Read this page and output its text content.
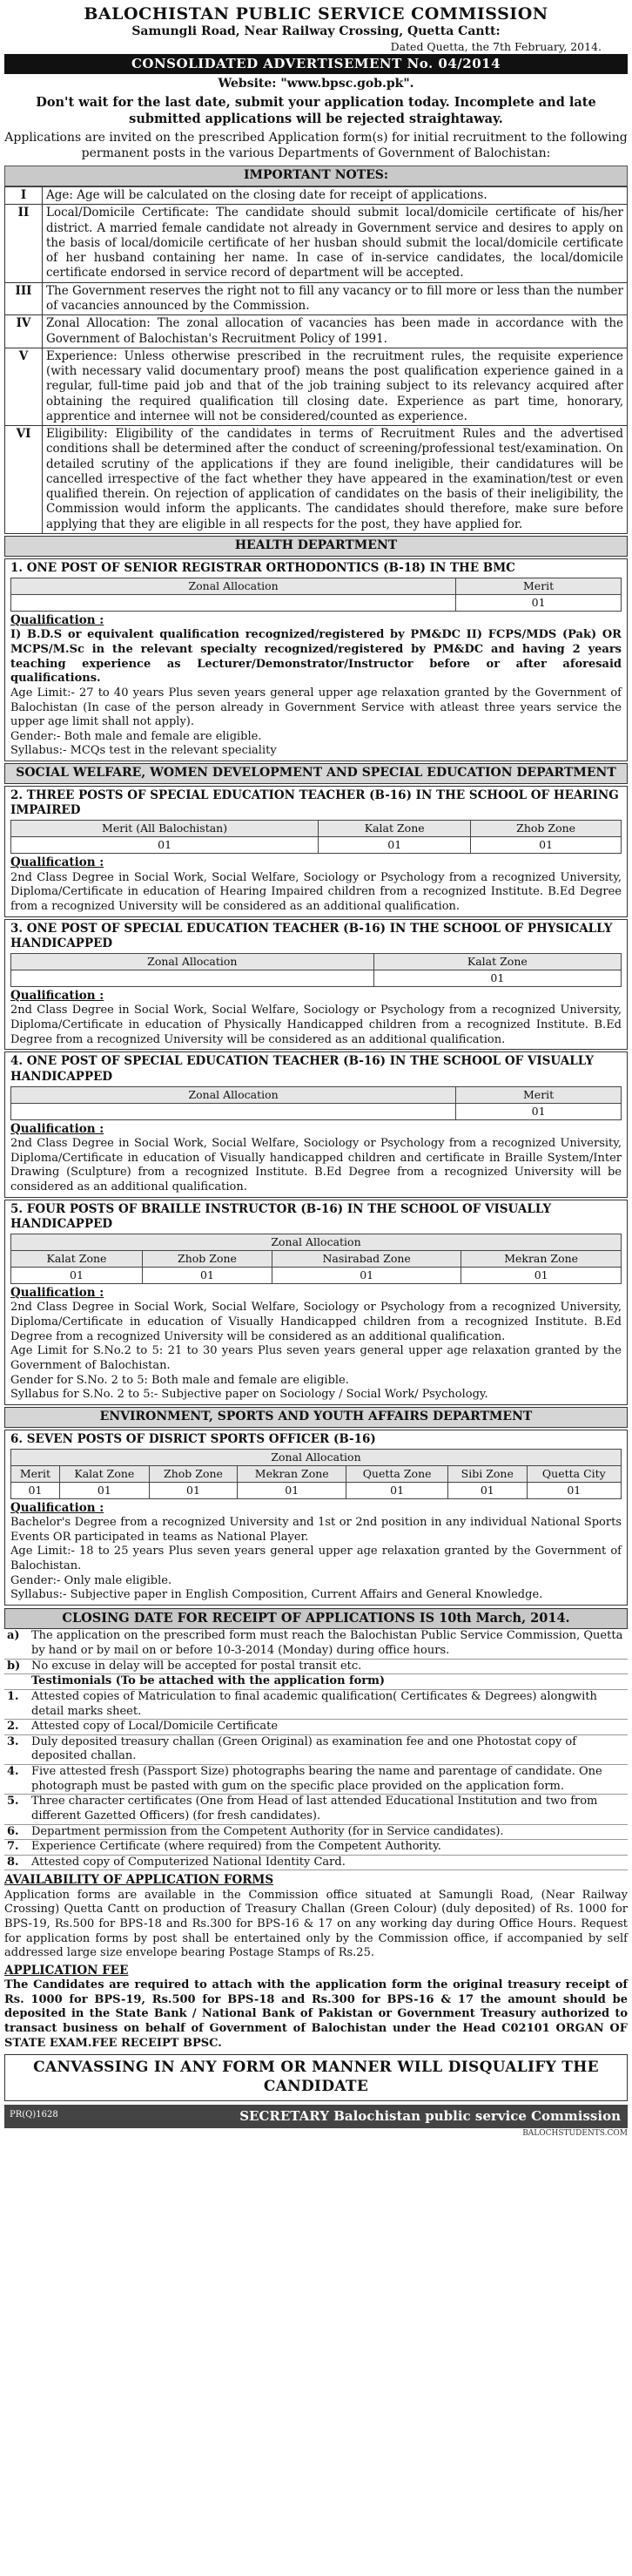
BALOCHISTAN PUBLIC SERVICE COMMISSION
Samungli Road, Near Railway Crossing, Quetta Cantt:
Dated Quetta, the 7th February, 2014.
CONSOLIDATED ADVERTISEMENT No. 04/2014
Website: "www.bpsc.gob.pk".
Don't wait for the last date, submit your application today. Incomplete and late submitted applications will be rejected straightaway.
Applications are invited on the prescribed Application form(s) for initial recruitment to the following permanent posts in the various Departments of Government of Balochistan:
IMPORTANT NOTES:
I	Age: Age will be calculated on the closing date for receipt of applications.
II	Local/Domicile Certificate: The candidate should submit local/domicile certificate of his/her district. A married female candidate not already in Government service and desires to apply on the basis of local/domicile certificate of her husban should submit the local/domicile certificate of her husband containing her name. In case of in-service candidates, the local/domicile certificate endorsed in service record of department will be accepted.
III	The Government reserves the right not to fill any vacancy or to fill more or less than the number of vacancies announced by the Commission.
IV	Zonal Allocation: The zonal allocation of vacancies has been made in accordance with the Government of Balochistan's Recruitment Policy of 1991.
V	Experience: Unless otherwise prescribed in the recruitment rules, the requisite experience (with necessary valid documentary proof) means the post qualification experience gained in a regular, full-time paid job and that of the job training subject to its relevancy acquired after obtaining the required qualification till closing date. Experience as part time, honorary, apprentice and internee will not be considered/counted as experience.
VI	Eligibility: Eligibility of the candidates in terms of Recruitment Rules and the advertised conditions shall be determined after the conduct of screening/professional test/examination. On detailed scrutiny of the applications if they are found ineligible, their candidatures will be cancelled irrespective of the fact whether they have appeared in the examination/test or even qualified therein. On rejection of application of candidates on the basis of their ineligibility, the Commission would inform the applicants. The candidates should therefore, make sure before applying that they are eligible in all respects for the post, they have applied for.
HEALTH DEPARTMENT
1. ONE POST OF SENIOR REGISTRAR ORTHODONTICS (B-18) IN THE BMC
Zonal Allocation	Merit
	01
Qualification :
I) B.D.S or equivalent qualification recognized/registered by PM&DC II) FCPS/MDS (Pak) OR MCPS/M.Sc in the relevant specialty recognized/registered by PM&DC and having 2 years teaching experience as Lecturer/Demonstrator/Instructor before or after aforesaid qualifications.
Age Limit:- 27 to 40 years Plus seven years general upper age relaxation granted by the Government of Balochistan (In case of the person already in Government Service with atleast three years service the upper age limit shall not apply).
Gender:- Both male and female are eligible.
Syllabus:- MCQs test in the relevant speciality
SOCIAL WELFARE, WOMEN DEVELOPMENT AND SPECIAL EDUCATION DEPARTMENT
2. THREE POSTS OF SPECIAL EDUCATION TEACHER (B-16) IN THE SCHOOL OF HEARING IMPAIRED
Merit (All Balochistan)	Kalat Zone	Zhob Zone
01	01	01
Qualification :
2nd Class Degree in Social Work, Social Welfare, Sociology or Psychology from a recognized University, Diploma/Certificate in education of Hearing Impaired children from a recognized Institute. B.Ed Degree from a recognized University will be considered as an additional qualification.
3. ONE POST OF SPECIAL EDUCATION TEACHER (B-16) IN THE SCHOOL OF PHYSICALLY HANDICAPPED
Zonal Allocation	Kalat Zone
	01
Qualification :
2nd Class Degree in Social Work, Social Welfare, Sociology or Psychology from a recognized University, Diploma/Certificate in education of Physically Handicapped children from a recognized Institute. B.Ed Degree from a recognized University will be considered as an additional qualification.
4. ONE POST OF SPECIAL EDUCATION TEACHER (B-16) IN THE SCHOOL OF VISUALLY HANDICAPPED
Zonal Allocation	Merit
	01
Qualification :
2nd Class Degree in Social Work, Social Welfare, Sociology or Psychology from a recognized University, Diploma/Certificate in education of Visually handicapped children and certificate in Braille System/Inter Drawing (Sculpture) from a recognized Institute. B.Ed Degree from a recognized University will be considered as an additional qualification.
5. FOUR POSTS OF BRAILLE INSTRUCTOR (B-16) IN THE SCHOOL OF VISUALLY HANDICAPPED
Zonal Allocation			
Kalat Zone	Zhob Zone	Nasirabad Zone	Mekran Zone
01	01	01	01
Qualification :
2nd Class Degree in Social Work, Social Welfare, Sociology or Psychology from a recognized University, Diploma/Certificate in education of Visually Handicapped children from a recognized Institute. B.Ed Degree from a recognized University will be considered as an additional qualification.
Age Limit for S.No.2 to 5: 21 to 30 years Plus seven years general upper age relaxation granted by the Government of Balochistan.
Gender for S.No. 2 to 5: Both male and female are eligible.
Syllabus for S.No. 2 to 5:- Subjective paper on Sociology / Social Work/ Psychology.
ENVIRONMENT, SPORTS AND YOUTH AFFAIRS DEPARTMENT
6. SEVEN POSTS OF DISRICT SPORTS OFFICER (B-16)
Zonal Allocation						
Merit	Kalat Zone	Zhob Zone	Mekran Zone	Quetta Zone	Sibi Zone	Quetta City
01	01	01	01	01	01	01
Qualification :
Bachelor's Degree from a recognized University and 1st or 2nd position in any individual National Sports Events OR participated in teams as National Player.
Age Limit:- 18 to 25 years Plus seven years general upper age relaxation granted by the Government of Balochistan.
Gender:- Only male eligible.
Syllabus:- Subjective paper in English Composition, Current Affairs and General Knowledge.
CLOSING DATE FOR RECEIPT OF APPLICATIONS IS 10th March, 2014.
a)	The application on the prescribed form must reach the Balochistan Public Service Commission, Quetta by hand or by mail on or before 10-3-2014 (Monday) during office hours.
b)	No excuse in delay will be accepted for postal transit etc.
	Testimonials (To be attached with the application form)
1.	Attested copies of Matriculation to final academic qualification( Certificates & Degrees) alongwith detail marks sheet.
2.	Attested copy of Local/Domicile Certificate
3.	Duly deposited treasury challan (Green Original) as examination fee and one Photostat copy of deposited challan.
4.	Five attested fresh (Passport Size) photographs bearing the name and parentage of candidate. One photograph must be pasted with gum on the specific place provided on the application form.
5.	Three character certificates (One from Head of last attended Educational Institution and two from different Gazetted Officers) (for fresh candidates).
6.	Department permission from the Competent Authority (for in Service candidates).
7.	Experience Certificate (where required) from the Competent Authority.
8.	Attested copy of Computerized National Identity Card.
AVAILABILITY OF APPLICATION FORMS
Application forms are available in the Commission office situated at Samungli Road, (Near Railway Crossing) Quetta Cantt on production of Treasury Challan (Green Colour) (duly deposited) of Rs. 1000 for BPS-19, Rs.500 for BPS-18 and Rs.300 for BPS-16 & 17 on any working day during Office Hours. Request for application forms by post shall be entertained only by the Commission office, if accompanied by self addressed large size envelope bearing Postage Stamps of Rs.25.
APPLICATION FEE
The Candidates are required to attach with the application form the original treasury receipt of Rs. 1000 for BPS-19, Rs.500 for BPS-18 and Rs.300 for BPS-16 & 17 the amount should be deposited in the State Bank / National Bank of Pakistan or Government Treasury authorized to transact business on behalf of Government of Balochistan under the Head C02101 ORGAN OF STATE EXAM.FEE RECEIPT BPSC.
CANVASSING IN ANY FORM OR MANNER WILL DISQUALIFY THE CANDIDATE
PR(Q)1628	SECRETARY Balochistan public service Commission
BALOCHSTUDENTS.COM
